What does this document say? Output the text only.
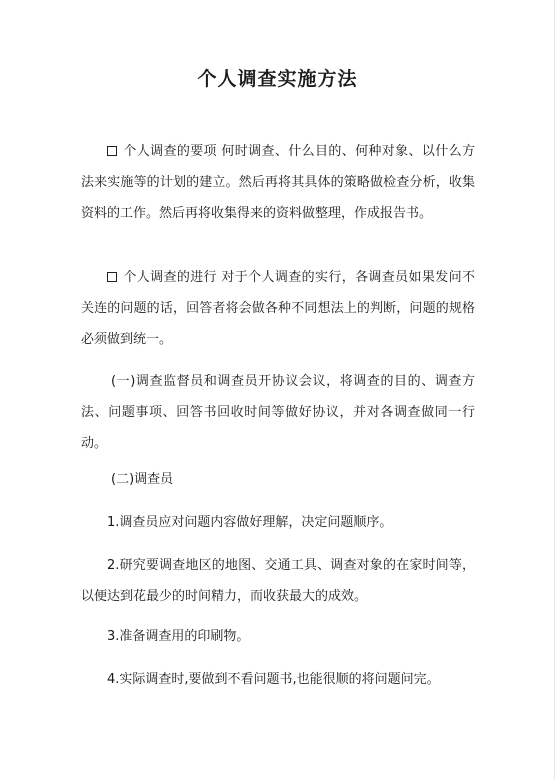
个人调查实施方法

个人调查的要项 何时调查、什么目的、何种对象、以什么方法来实施等的计划的建立。然后再将其具体的策略做检查分析，收集资料的工作。然后再将收集得来的资料做整理，作成报告书。

个人调查的进行 对于个人调查的实行，各调查员如果发问不关连的问题的话，回答者将会做各种不同想法上的判断，问题的规格必须做到统一。

(一)调查监督员和调查员开协议会议，将调查的目的、调查方法、问题事项、回答书回收时间等做好协议，并对各调查做同一行动。

(二)调查员

1.调查员应对问题内容做好理解，决定问题顺序。

2.研究要调查地区的地图、交通工具、调查对象的在家时间等，以便达到花最少的时间精力，而收获最大的成效。

3.准备调查用的印刷物。

4.实际调查时,要做到不看问题书,也能很顺的将问题问完。
